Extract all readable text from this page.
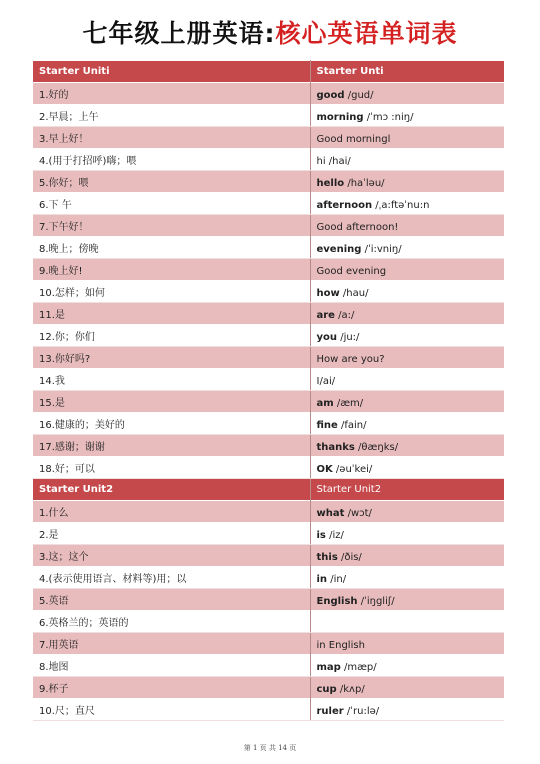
七年级上册英语:核心英语单词表
Starter Uniti	Starter Unti
1.好的	good /gud/
2.早晨；上午	morning /ˈmɔ :niŋ/
3.早上好！	Good morningl
4.(用于打招呼)嗨；喂	hi /hai/
5.你好；喂	hello /haˈləu/
6.下 午	afternoon /ˌa:ftəˈnu:n
7.下午好！	Good afternoon!
8.晚上；傍晚	evening /ˈi:vniŋ/
9.晚上好!	Good evening
10.怎样；如何	how /hau/
11.是	are /a:/
12.你；你们	you /ju:/
13.你好吗?	How are you?
14.我	I/ai/
15.是	am /æm/
16.健康的；美好的	fine /fain/
17.感谢；谢谢	thanks /θæŋks/
18.好；可以	OK /əuˈkei/
Starter Unit2	Starter Unit2
1.什么	what /wɔt/
2.是	is /iz/
3.这；这个	this /ðis/
4.(表示使用语言、材料等)用；以	in /in/
5.英语	English /ˈiŋgliʃ/
6.英格兰的；英语的	
7.用英语	in English
8.地图	map /mæp/
9.杯子	cup /kʌp/
10.尺；直尺	ruler /ˈru:lə/
第 1 页 共 14 页
